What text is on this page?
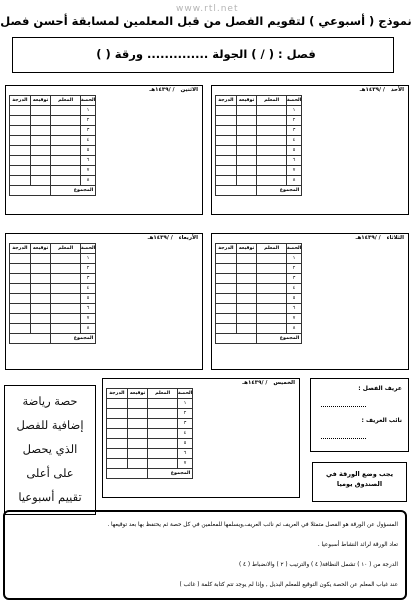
www.rtl.net
نموذج ( أسبوعي ) لتقويم الفصل من قبل المعلمين لمسابقة أحسن فصل
فصل : ( / ) الجولة .............. ورقة ( )
الأحد/ /١٤٣٩هـ
الحصة	المعلم	توقيعه	الدرجة
١			
٢			
٣			
٤			
٥			
٦			
٧			
٨			
المجموع			
الاثنين/ /١٤٣٩هـ
الحصة	المعلم	توقيعه	الدرجة
١			
٢			
٣			
٤			
٥			
٦			
٧			
٨			
المجموع			
الثلاثاء/ /١٤٣٩هـ
الحصة	المعلم	توقيعه	الدرجة
١			
٢			
٣			
٤			
٥			
٦			
٧			
٨			
المجموع			
الأربعاء/ /١٤٣٩هـ
الحصة	المعلم	توقيعه	الدرجة
١			
٢			
٣			
٤			
٥			
٦			
٧			
٨			
المجموع			
الخميس/ /١٤٣٩هـ
الحصة	المعلم	توقيعه	الدرجة
١			
٢			
٣			
٤			
٥			
٦			
٧			
المجموع			
عريف الفصل :
نائب العريف :
حصة رياضة
إضافية للفصل
الذي يحصل
على أعلى
تقييم أسبوعيا
يجب وضع الورقة في
الصندوق يوميا
المسؤول عن الورقة هو الفصل متمثلا في العريف ثم نائب العريف,ويسلمها للمعلمين في كل حصة ثم يحتفظ بها بعد توقيعها .
تعاد الورقة لرائد النشاط أسبوعيا .
الدرجة من ( ١٠ ) تشمل النظافة( ٤ ) والترتيب ( ٢ ) والانضباط ( ٤ )
عند غياب المعلم عن الحصة يكون التوقيع للمعلم البديل , وإذا لم يوجد تتم كتابة كلمة ( غائب )
